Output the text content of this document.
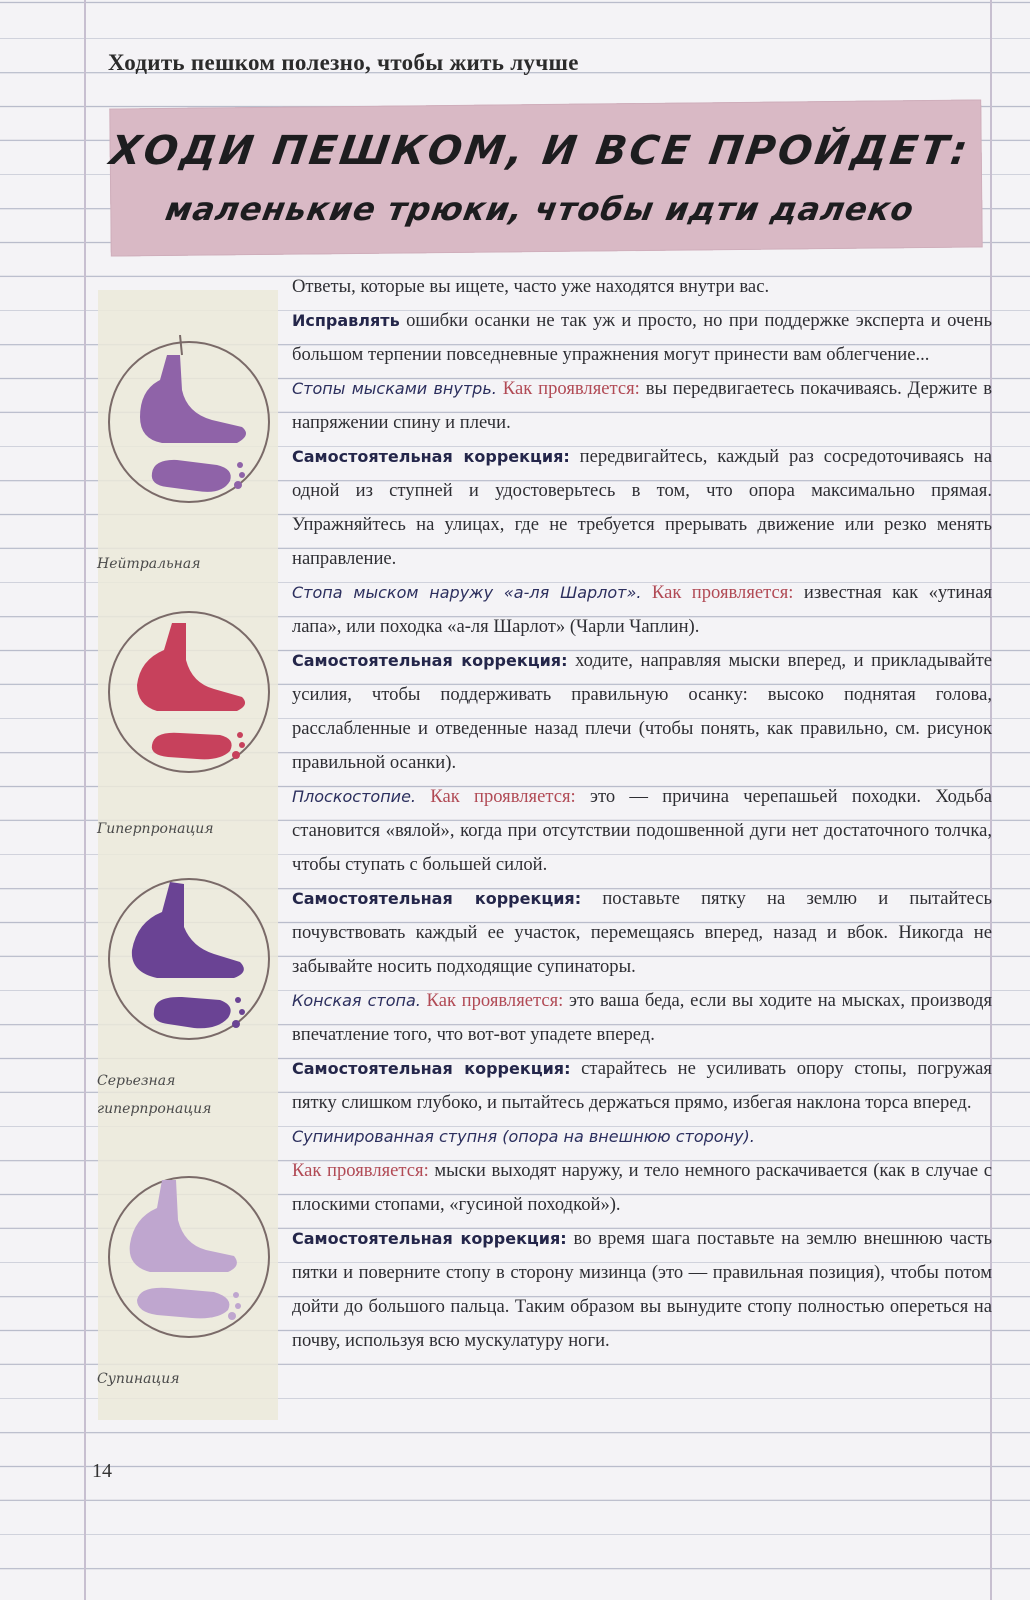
Ходить пешком полезно, чтобы жить лучше
ХОДИ ПЕШКОМ, И ВСЕ ПРОЙДЕТ:
маленькие трюки, чтобы идти далеко
Нейтральная
Гиперпронация
Серьезная гиперпронация
Супинация

Ответы, которые вы ищете, часто уже находятся внутри вас.
Исправлять ошибки осанки не так уж и просто, но при поддержке эксперта и очень большом терпении повседневные упражнения могут принести вам облегчение...

Стопы мысками внутрь. Как проявляется: вы передвигаетесь покачиваясь. Держите в напряжении спину и плечи.
Самостоятельная коррекция: передвигайтесь, каждый раз сосредоточиваясь на одной из ступней и удостоверьтесь в том, что опора максимально прямая. Упражняйтесь на улицах, где не требуется прерывать движение или резко менять направление.

Стопа мыском наружу «а-ля Шарлот». Как проявляется: известная как «утиная лапа», или походка «а-ля Шарлот» (Чарли Чаплин).
Самостоятельная коррекция: ходите, направляя мыски вперед, и прикладывайте усилия, чтобы поддерживать правильную осанку: высоко поднятая голова, расслабленные и отведенные назад плечи (чтобы понять, как правильно, см. рисунок правильной осанки).

Плоскостопие. Как проявляется: это — причина черепашьей походки. Ходьба становится «вялой», когда при отсутствии подошвенной дуги нет достаточного толчка, чтобы ступать с большей силой.
Самостоятельная коррекция: поставьте пятку на землю и пытайтесь почувствовать каждый ее участок, перемещаясь вперед, назад и вбок. Никогда не забывайте носить подходящие супинаторы.

Конская стопа. Как проявляется: это ваша беда, если вы ходите на мысках, производя впечатление того, что вот-вот упадете вперед.
Самостоятельная коррекция: старайтесь не усиливать опору стопы, погружая пятку слишком глубоко, и пытайтесь держаться прямо, избегая наклона торса вперед.

Супинированная ступня (опора на внешнюю сторону).
Как проявляется: мыски выходят наружу, и тело немного раскачивается (как в случае с плоскими стопами, «гусиной походкой»).
Самостоятельная коррекция: во время шага поставьте на землю внешнюю часть пятки и поверните стопу в сторону мизинца (это — правильная позиция), чтобы потом дойти до большого пальца. Таким образом вы вынудите стопу полностью опереться на почву, используя всю мускулатуру ноги.

14
